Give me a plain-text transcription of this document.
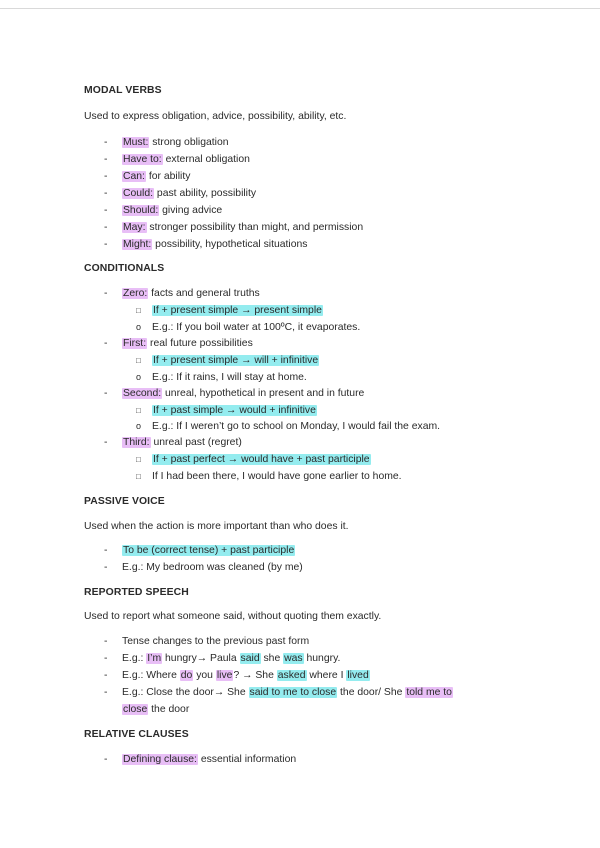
MODAL VERBS
Used to express obligation, advice, possibility, ability, etc.
- Must: strong obligation
- Have to: external obligation
- Can: for ability
- Could: past ability, possibility
- Should: giving advice
- May: stronger possibility than might, and permission
- Might: possibility, hypothetical situations
CONDITIONALS
- Zero: facts and general truths
□ If + present simple → present simple
o E.g.: If you boil water at 100ºC, it evaporates.
- First: real future possibilities
□ If + present simple → will + infinitive
o E.g.: If it rains, I will stay at home.
- Second: unreal, hypothetical in present and in future
□ If + past simple → would + infinitive
o E.g.: If I weren’t go to school on Monday, I would fail the exam.
- Third: unreal past (regret)
□ If + past perfect → would have + past participle
□ If I had been there, I would have gone earlier to home.
PASSIVE VOICE
Used when the action is more important than who does it.
- To be (correct tense) + past participle
- E.g.: My bedroom was cleaned (by me)
REPORTED SPEECH
Used to report what someone said, without quoting them exactly.
- Tense changes to the previous past form
- E.g.: I’m hungry→ Paula said she was hungry.
- E.g.: Where do you live? → She asked where I lived
- E.g.: Close the door→ She said to me to close the door/ She told me to
close the door
RELATIVE CLAUSES
- Defining clause: essential information
